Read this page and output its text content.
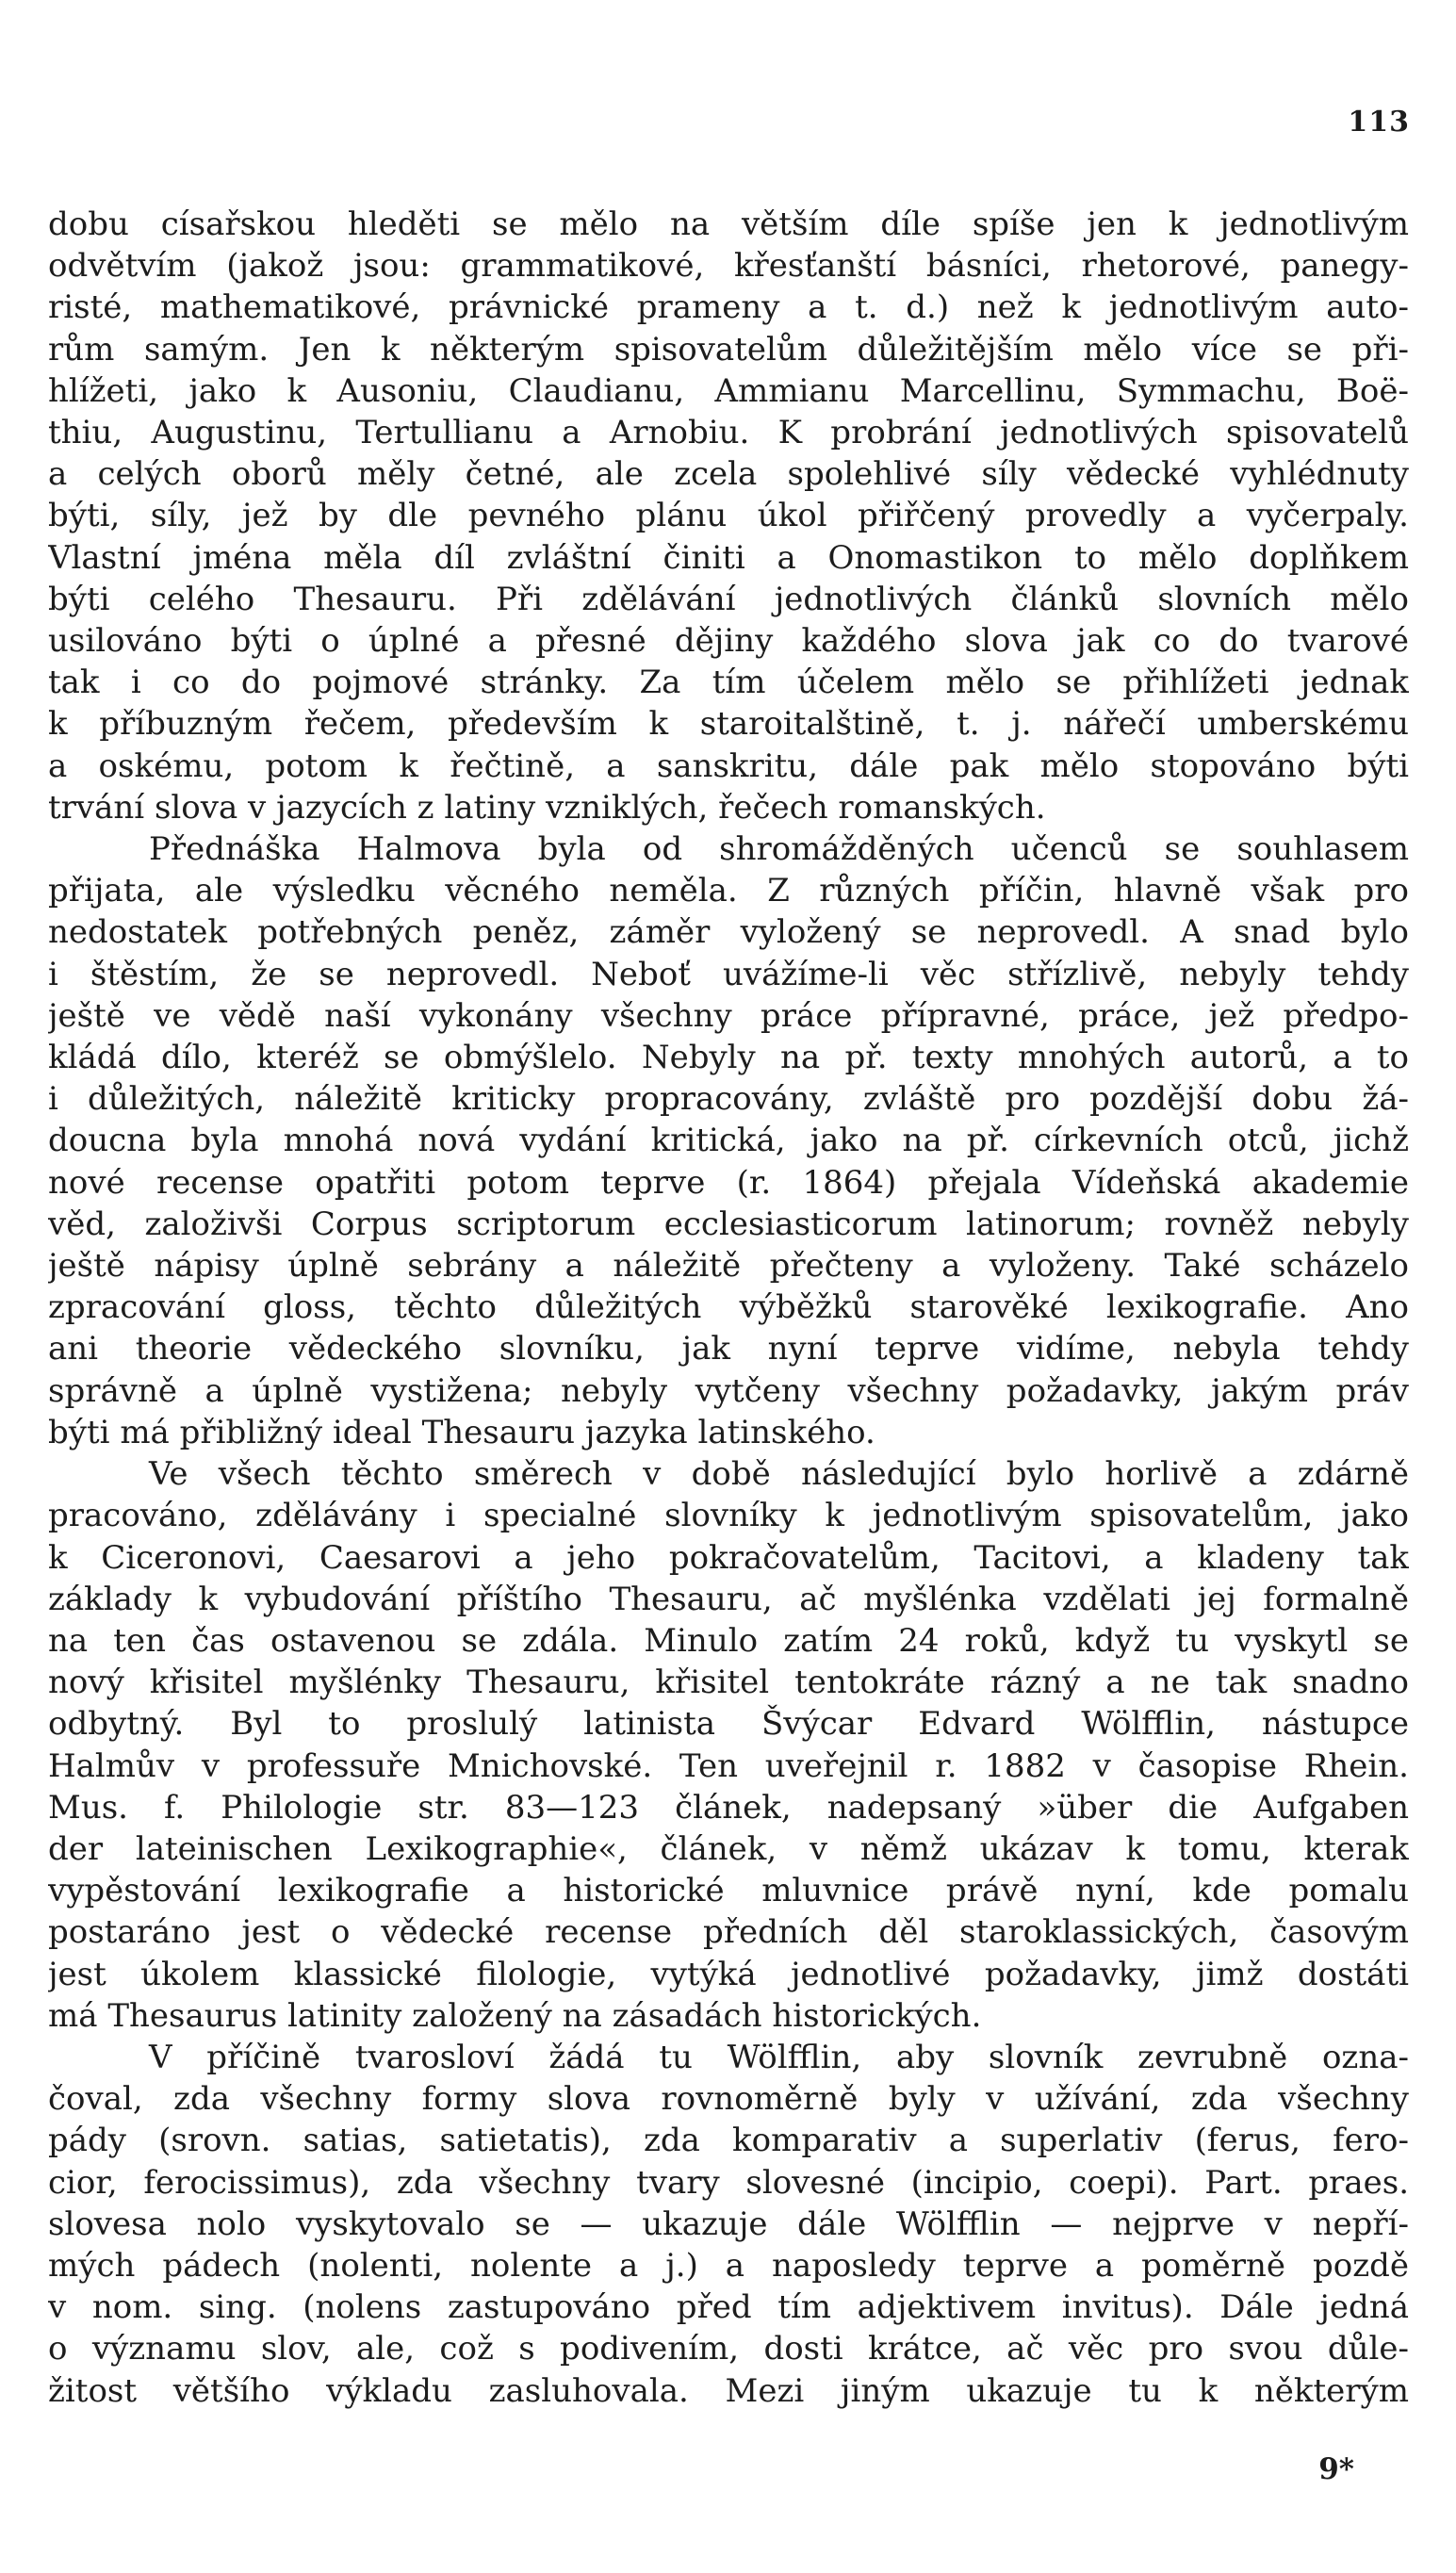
113
dobu císařskou hleděti se mělo na větším díle spíše jen k jednotlivým
odvětvím (jakož jsou: grammatikové, křesťanští básníci, rhetorové, panegy-
risté, mathematikové, právnické prameny a t. d.) než k jednotlivým auto-
rům samým. Jen k některým spisovatelům důležitějším mělo více se při-
hlížeti, jako k Ausoniu, Claudianu, Ammianu Marcellinu, Symmachu, Boë-
thiu, Augustinu, Tertullianu a Arnobiu. K probrání jednotlivých spisovatelů
a celých oborů měly četné, ale zcela spolehlivé síly vědecké vyhlédnuty
býti, síly, jež by dle pevného plánu úkol přiřčený provedly a vyčerpaly.
Vlastní jména měla díl zvláštní činiti a Onomastikon to mělo doplňkem
býti celého Thesauru. Při zdělávání jednotlivých článků slovních mělo
usilováno býti o úplné a přesné dějiny každého slova jak co do tvarové
tak i co do pojmové stránky. Za tím účelem mělo se přihlížeti jednak
k příbuzným řečem, především k staroitalštině, t. j. nářečí umberskému
a oskému, potom k řečtině, a sanskritu, dále pak mělo stopováno býti
trvání slova v jazycích z latiny vzniklých, řečech romanských.
Přednáška Halmova byla od shromážděných učenců se souhlasem
přijata, ale výsledku věcného neměla. Z různých příčin, hlavně však pro
nedostatek potřebných peněz, záměr vyložený se neprovedl. A snad bylo
i štěstím, že se neprovedl. Neboť uvážíme-li věc střízlivě, nebyly tehdy
ještě ve vědě naší vykonány všechny práce přípravné, práce, jež předpo-
kládá dílo, kteréž se obmýšlelo. Nebyly na př. texty mnohých autorů, a to
i důležitých, náležitě kriticky propracovány, zvláště pro pozdější dobu žá-
doucna byla mnohá nová vydání kritická, jako na př. církevních otců, jichž
nové recense opatřiti potom teprve (r. 1864) přejala Vídeňská akademie
věd, založivši Corpus scriptorum ecclesiasticorum latinorum; rovněž nebyly
ještě nápisy úplně sebrány a náležitě přečteny a vyloženy. Také scházelo
zpracování gloss, těchto důležitých výběžků starověké lexikografie. Ano
ani theorie vědeckého slovníku, jak nyní teprve vidíme, nebyla tehdy
správně a úplně vystižena; nebyly vytčeny všechny požadavky, jakým práv
býti má přibližný ideal Thesauru jazyka latinského.
Ve všech těchto směrech v době následující bylo horlivě a zdárně
pracováno, zdělávány i specialné slovníky k jednotlivým spisovatelům, jako
k Ciceronovi, Caesarovi a jeho pokračovatelům, Tacitovi, a kladeny tak
základy k vybudování příštího Thesauru, ač myšlénka vzdělati jej formalně
na ten čas ostavenou se zdála. Minulo zatím 24 roků, když tu vyskytl se
nový křisitel myšlénky Thesauru, křisitel tentokráte rázný a ne tak snadno
odbytný. Byl to proslulý latinista Švýcar Edvard Wölfflin, nástupce
Halmův v professuře Mnichovské. Ten uveřejnil r. 1882 v časopise Rhein.
Mus. f. Philologie str. 83—123 článek, nadepsaný »über die Aufgaben
der lateinischen Lexikographie«, článek, v němž ukázav k tomu, kterak
vypěstování lexikografie a historické mluvnice právě nyní, kde pomalu
postaráno jest o vědecké recense předních děl staroklassických, časovým
jest úkolem klassické filologie, vytýká jednotlivé požadavky, jimž dostáti
má Thesaurus latinity založený na zásadách historických.
V příčině tvarosloví žádá tu Wölfflin, aby slovník zevrubně ozna-
čoval, zda všechny formy slova rovnoměrně byly v užívání, zda všechny
pády (srovn. satias, satietatis), zda komparativ a superlativ (ferus, fero-
cior, ferocissimus), zda všechny tvary slovesné (incipio, coepi). Part. praes.
slovesa nolo vyskytovalo se — ukazuje dále Wölfflin — nejprve v nepří-
mých pádech (nolenti, nolente a j.) a naposledy teprve a poměrně pozdě
v nom. sing. (nolens zastupováno před tím adjektivem invitus). Dále jedná
o významu slov, ale, což s podivením, dosti krátce, ač věc pro svou důle-
žitost většího výkladu zasluhovala. Mezi jiným ukazuje tu k některým
9*
